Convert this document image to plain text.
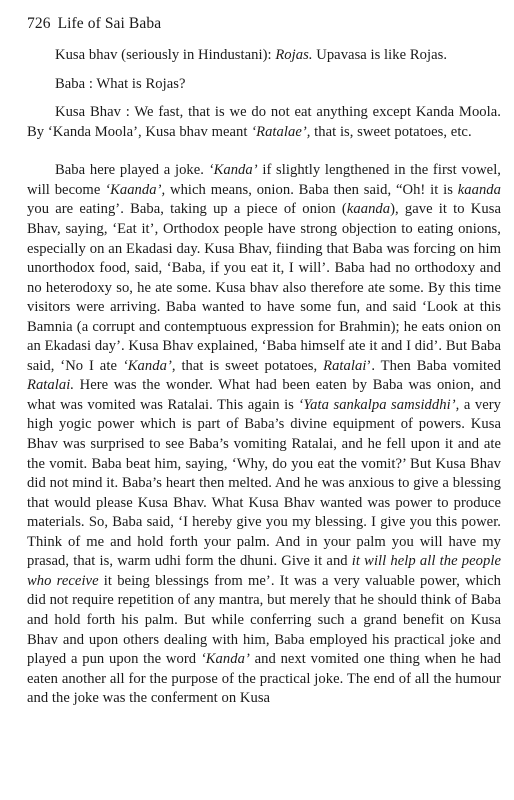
726 Life of Sai Baba

Kusa bhav (seriously in Hindustani): Rojas. Upavasa is like Rojas.

Baba : What is Rojas?

Kusa Bhav : We fast, that is we do not eat anything except Kanda Moola. By ‘Kanda Moola’, Kusa bhav meant ‘Ratalae’, that is, sweet potatoes, etc.

Baba here played a joke. ‘Kanda’ if slightly lengthened in the first vowel, will become ‘Kaanda’, which means, onion. Baba then said, “Oh! it is kaanda you are eating’. Baba, taking up a piece of onion (kaanda), gave it to Kusa Bhav, saying, ‘Eat it’, Orthodox people have strong objection to eating onions, especially on an Ekadasi day. Kusa Bhav, fiinding that Baba was forcing on him unorthodox food, said, ‘Baba, if you eat it, I will’. Baba had no orthodoxy and no heterodoxy so, he ate some. Kusa bhav also therefore ate some. By this time visitors were arriving. Baba wanted to have some fun, and said ‘Look at this Bamnia (a corrupt and contemptuous expression for Brahmin); he eats onion on an Ekadasi day’. Kusa Bhav explained, ‘Baba himself ate it and I did’. But Baba said, ‘No I ate ‘Kanda’, that is sweet potatoes, Ratalai’. Then Baba vomited Ratalai. Here was the wonder. What had been eaten by Baba was onion, and what was vomited was Ratalai. This again is ‘Yata sankalpa samsiddhi’, a very high yogic power which is part of Baba’s divine equipment of powers. Kusa Bhav was surprised to see Baba’s vomiting Ratalai, and he fell upon it and ate the vomit. Baba beat him, saying, ‘Why, do you eat the vomit?’ But Kusa Bhav did not mind it. Baba’s heart then melted. And he was anxious to give a blessing that would please Kusa Bhav. What Kusa Bhav wanted was power to produce materials. So, Baba said, ‘I hereby give you my blessing. I give you this power. Think of me and hold forth your palm. And in your palm you will have my prasad, that is, warm udhi form the dhuni. Give it and it will help all the people who receive it being blessings from me’. It was a very valuable power, which did not require repetition of any mantra, but merely that he should think of Baba and hold forth his palm. But while conferring such a grand benefit on Kusa Bhav and upon others dealing with him, Baba employed his practical joke and played a pun upon the word ‘Kanda’ and next vomited one thing when he had eaten another all for the purpose of the practical joke. The end of all the humour and the joke was the conferment on Kusa
